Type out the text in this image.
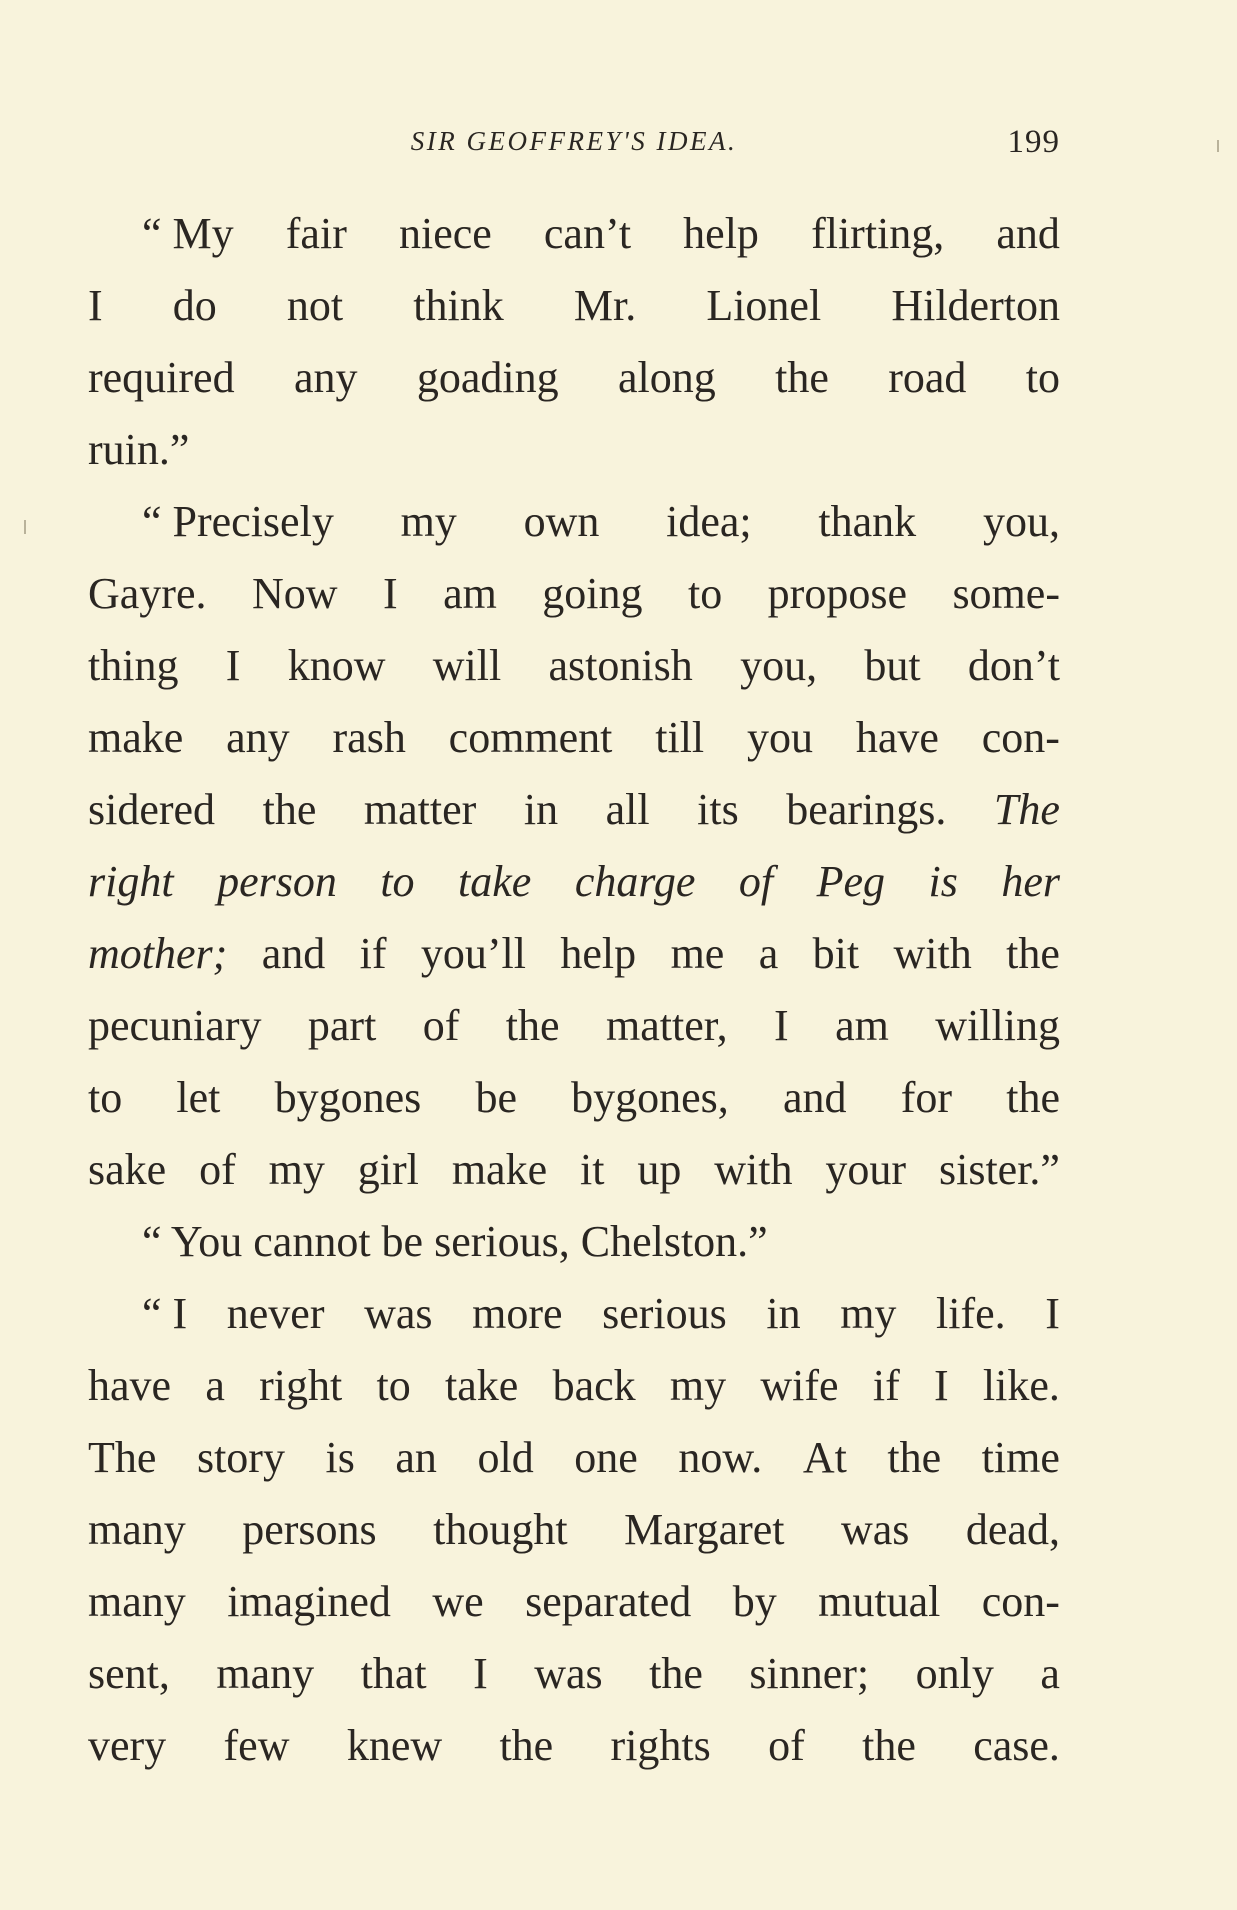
SIR GEOFFREY'S IDEA.	199
“ My fair niece can’t help flirting, and
I do not think Mr. Lionel Hilderton
required any goading along the road to
ruin.”
“ Precisely my own idea; thank you,
Gayre. Now I am going to propose some-
thing I know will astonish you, but don’t
make any rash comment till you have con-
sidered the matter in all its bearings. The
right person to take charge of Peg is her
mother; and if you’ll help me a bit with the
pecuniary part of the matter, I am willing
to let bygones be bygones, and for the
sake of my girl make it up with your sister.”
“ You cannot be serious, Chelston.”
“ I never was more serious in my life. I
have a right to take back my wife if I like.
The story is an old one now. At the time
many persons thought Margaret was dead,
many imagined we separated by mutual con-
sent, many that I was the sinner; only a
very few knew the rights of the case.
